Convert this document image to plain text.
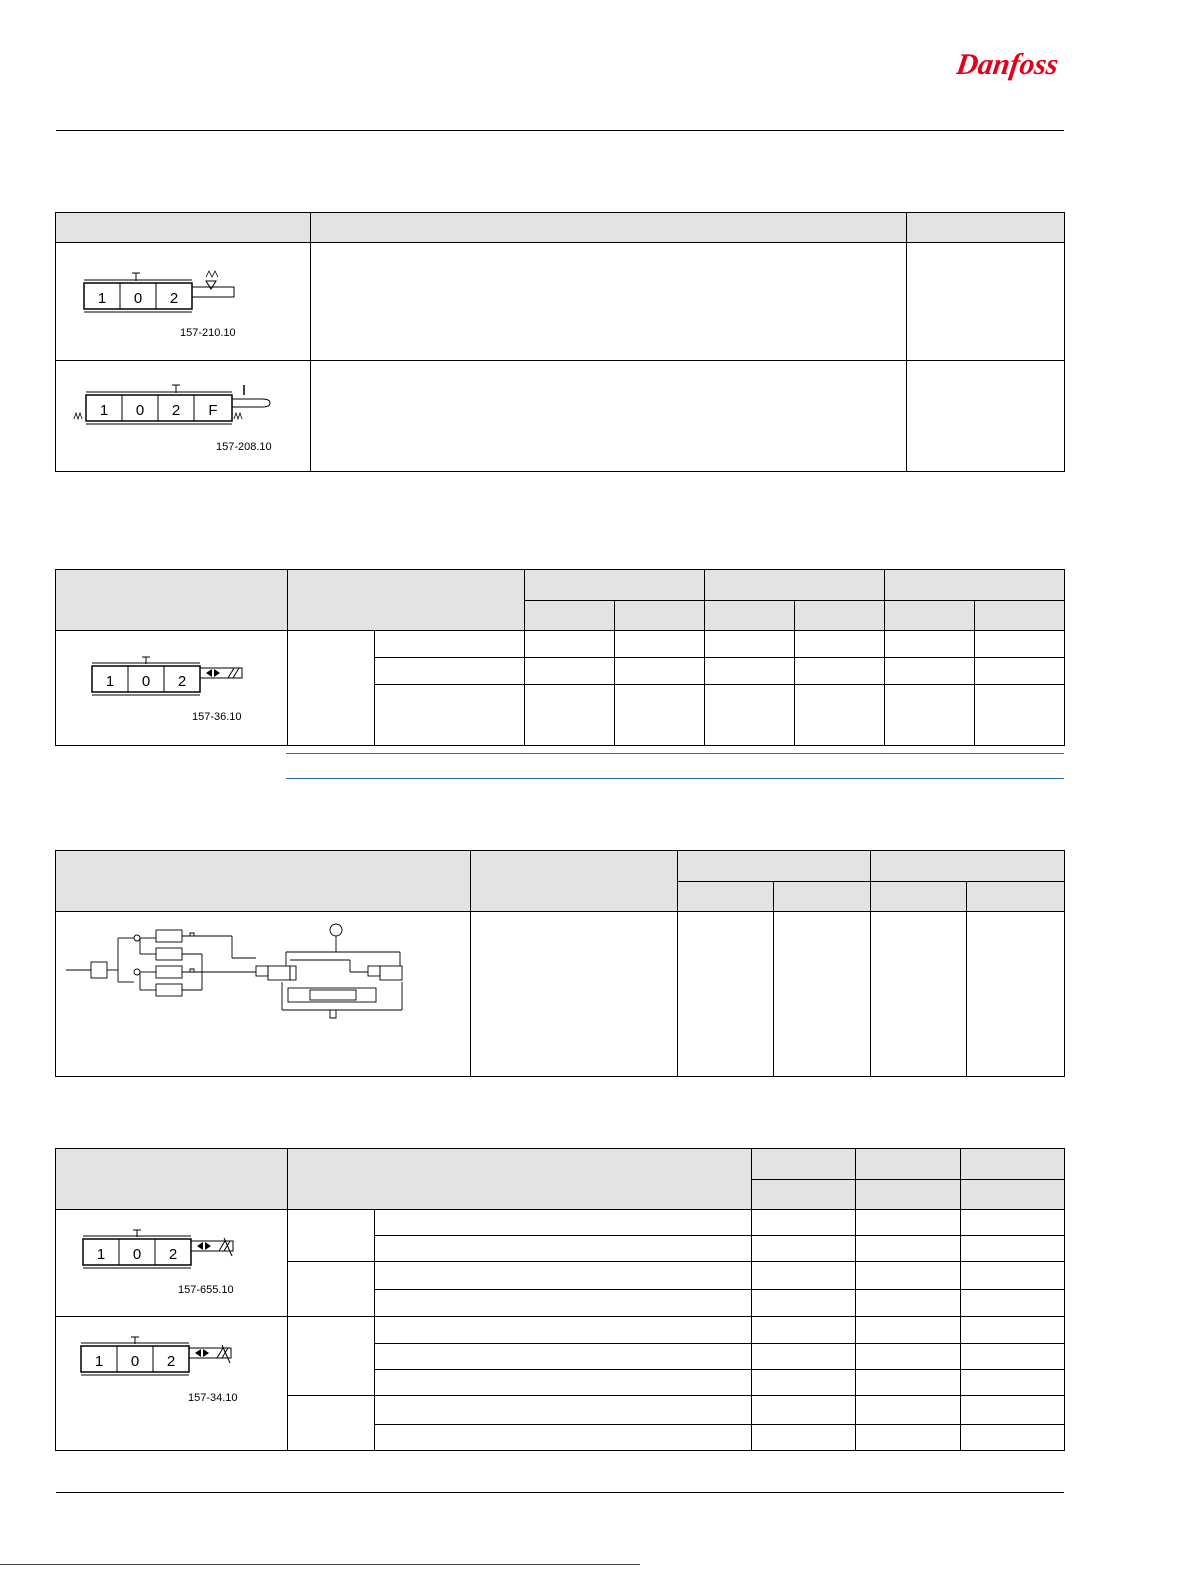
Danfoss

1 0 2
157-210.10		

1 0 2 F
157-208.10		

1 0 2
157-36.10								

1 0 2
157-655.10					

1 0 2
157-34.10					
